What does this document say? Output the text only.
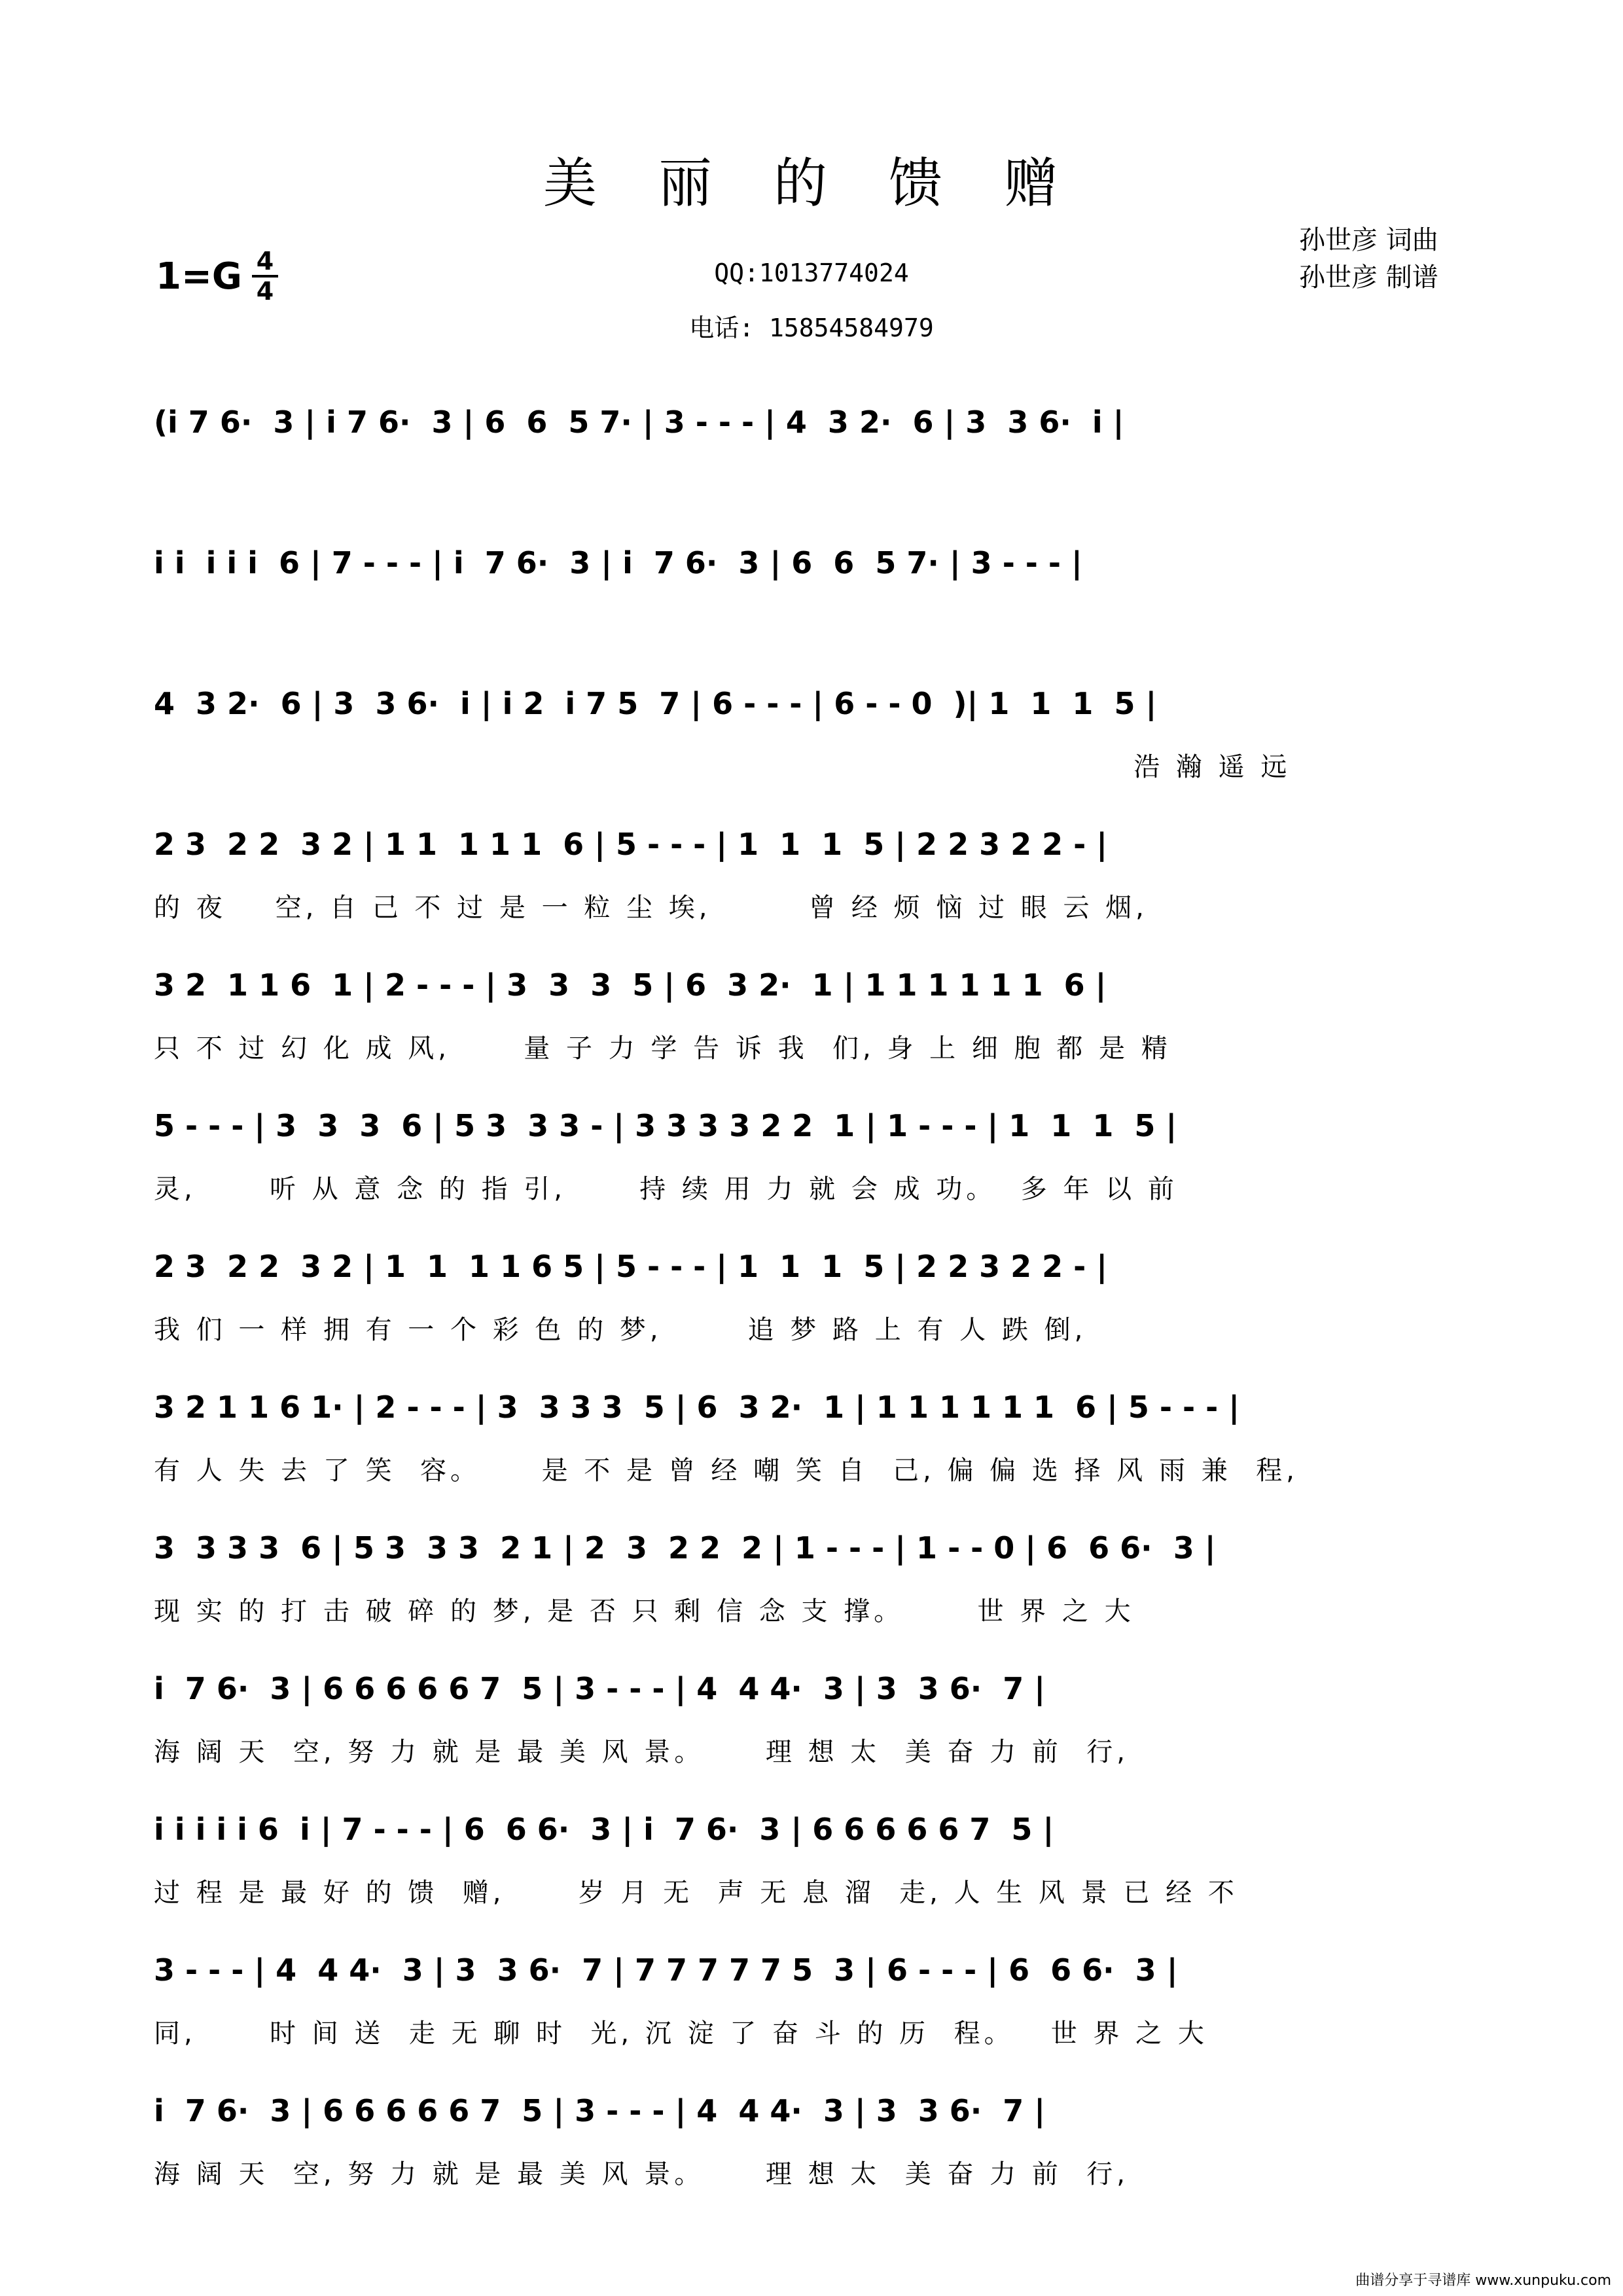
美 丽 的 馈 赠
1=G 4
4
QQ:1013774024
电话: 15854584979
孙世彦 词曲
孙世彦 制谱
(i 7 6·  3 | i 7 6·  3 | 6  6  5 7· | 3 - - - | 4  3 2·  6 | 3  3 6·  i |
i i  i i i  6 | 7 - - - | i  7 6·  3 | i  7 6·  3 | 6  6  5 7· | 3 - - - |
4  3 2·  6 | 3  3 6·  i | i 2  i 7 5  7 | 6 - - - | 6 - - 0  )| 1  1  1  5 |
浩 瀚 遥 远
2 3  2 2  3 2 | 1 1  1 1 1  6 | 5 - - - | 1  1  1  5 | 2 2 3 2 2 - |
的 夜    空, 自 己 不 过 是 一 粒 尘 埃,        曾 经 烦 恼 过 眼 云 烟,
3 2  1 1 6  1 | 2 - - - | 3  3  3  5 | 6  3 2·  1 | 1 1 1 1 1 1  6 |
只 不 过 幻 化 成 风,      量 子 力 学 告 诉 我  们, 身 上 细 胞 都 是 精
5 - - - | 3  3  3  6 | 5 3  3 3 - | 3 3 3 3 2 2  1 | 1 - - - | 1  1  1  5 |
灵,      听 从 意 念 的 指 引,      持 续 用 力 就 会 成 功。  多 年 以 前
2 3  2 2  3 2 | 1  1  1 1 6 5 | 5 - - - | 1  1  1  5 | 2 2 3 2 2 - |
我 们 一 样 拥 有 一 个 彩 色 的 梦,       追 梦 路 上 有 人 跌 倒,
3 2 1 1 6 1· | 2 - - - | 3  3 3 3  5 | 6  3 2·  1 | 1 1 1 1 1 1  6 | 5 - - - |
有 人 失 去 了 笑  容。     是 不 是 曾 经 嘲 笑 自  己, 偏 偏 选 择 风 雨 兼  程,
3  3 3 3  6 | 5 3  3 3  2 1 | 2  3  2 2  2 | 1 - - - | 1 - - 0 | 6  6 6·  3 |
现 实 的 打 击 破 碎 的 梦, 是 否 只 剩 信 念 支 撑。      世 界 之 大
i  7 6·  3 | 6 6 6 6 6 7  5 | 3 - - - | 4  4 4·  3 | 3  3 6·  7 |
海 阔 天  空, 努 力 就 是 最 美 风 景。     理 想 太  美 奋 力 前  行,
i i i i i 6  i | 7 - - - | 6  6 6·  3 | i  7 6·  3 | 6 6 6 6 6 7  5 |
过 程 是 最 好 的 馈  赠,      岁 月 无  声 无 息 溜  走, 人 生 风 景 已 经 不
3 - - - | 4  4 4·  3 | 3  3 6·  7 | 7 7 7 7 7 5  3 | 6 - - - | 6  6 6·  3 |
同,      时 间 送  走 无 聊 时  光, 沉 淀 了 奋 斗 的 历  程。   世 界 之 大
i  7 6·  3 | 6 6 6 6 6 7  5 | 3 - - - | 4  4 4·  3 | 3  3 6·  7 |
海 阔 天  空, 努 力 就 是 最 美 风 景。     理 想 太  美 奋 力 前  行,
曲谱分享于寻谱库 www.xunpuku.com
